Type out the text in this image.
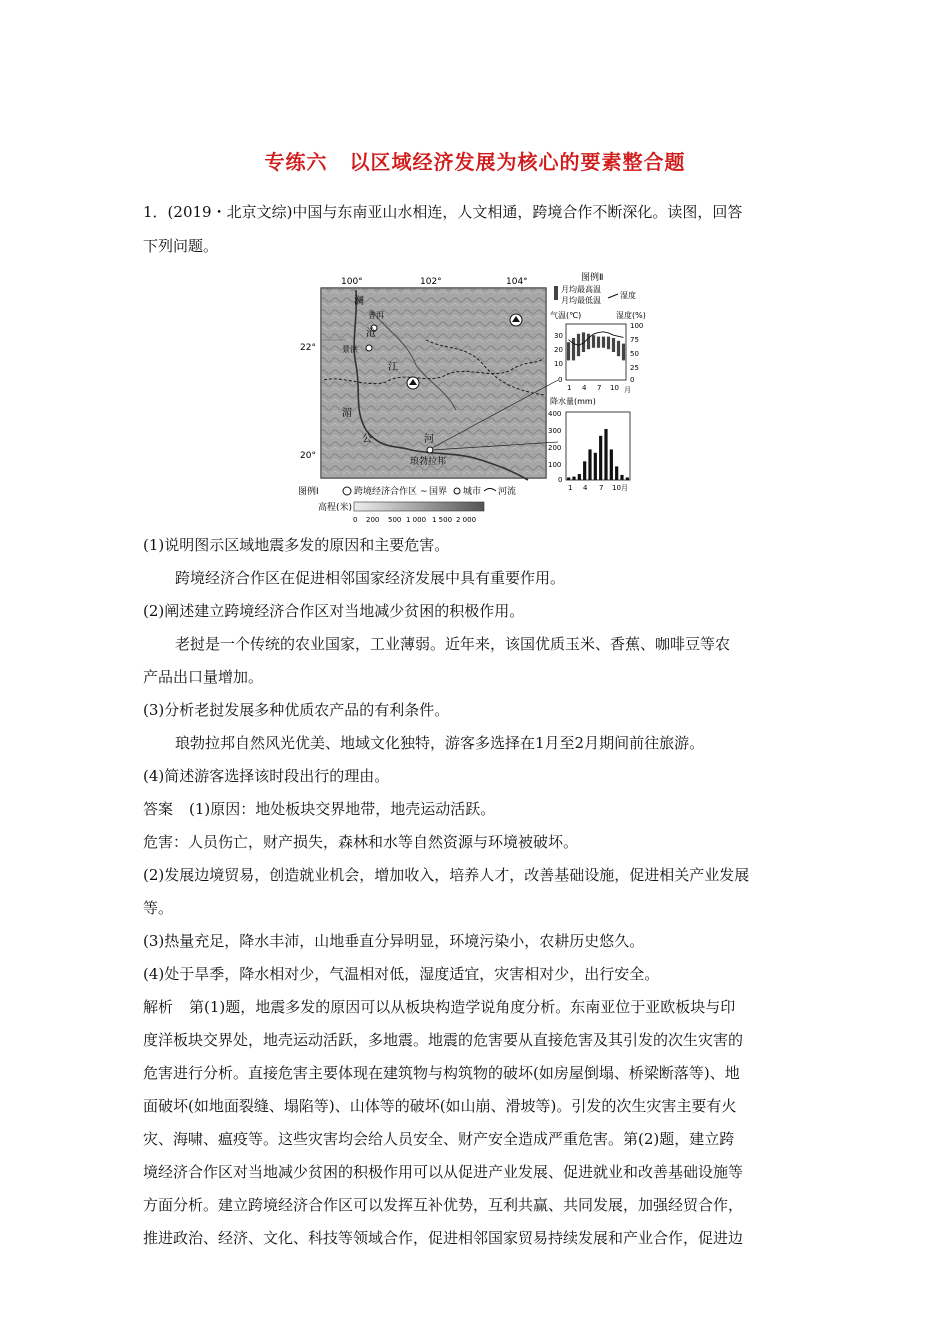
专练六 以区域经济发展为核心的要素整合题
1．(2019・北京文综)中国与东南亚山水相连，人文相通，跨境合作不断深化。读图，回答
下列问题。
100°	102°	104°
22°
20°
澜
普洱
沧
景洪
江
湄
公	河
琅勃拉邦
图例Ⅰ	跨境经济合作区 ~ 国界 城市 河流
高程(米)
0 200 500 1 000 1 500 2 000
图例Ⅱ
月均最高温
月均最低温
湿度
气温(℃)	湿度(%)
30
20
10
0
100
75
50
25
0
1 4 7 10 月
降水量(mm)
400
300
200
100
0
1 4 7 10 月
(1)说明图示区域地震多发的原因和主要危害。
跨境经济合作区在促进相邻国家经济发展中具有重要作用。
(2)阐述建立跨境经济合作区对当地减少贫困的积极作用。
老挝是一个传统的农业国家，工业薄弱。近年来，该国优质玉米、香蕉、咖啡豆等农
产品出口量增加。
(3)分析老挝发展多种优质农产品的有利条件。
琅勃拉邦自然风光优美、地域文化独特，游客多选择在1月至2月期间前往旅游。
(4)简述游客选择该时段出行的理由。
答案 (1)原因：地处板块交界地带，地壳运动活跃。
危害：人员伤亡，财产损失，森林和水等自然资源与环境被破坏。
(2)发展边境贸易，创造就业机会，增加收入，培养人才，改善基础设施，促进相关产业发展
等。
(3)热量充足，降水丰沛，山地垂直分异明显，环境污染小，农耕历史悠久。
(4)处于旱季，降水相对少，气温相对低，湿度适宜，灾害相对少，出行安全。
解析 第(1)题，地震多发的原因可以从板块构造学说角度分析。东南亚位于亚欧板块与印
度洋板块交界处，地壳运动活跃，多地震。地震的危害要从直接危害及其引发的次生灾害的
危害进行分析。直接危害主要体现在建筑物与构筑物的破坏(如房屋倒塌、桥梁断落等)、地
面破坏(如地面裂缝、塌陷等)、山体等的破坏(如山崩、滑坡等)。引发的次生灾害主要有火
灾、海啸、瘟疫等。这些灾害均会给人员安全、财产安全造成严重危害。第(2)题，建立跨
境经济合作区对当地减少贫困的积极作用可以从促进产业发展、促进就业和改善基础设施等
方面分析。建立跨境经济合作区可以发挥互补优势，互利共赢、共同发展，加强经贸合作，
推进政治、经济、文化、科技等领域合作，促进相邻国家贸易持续发展和产业合作，促进边
